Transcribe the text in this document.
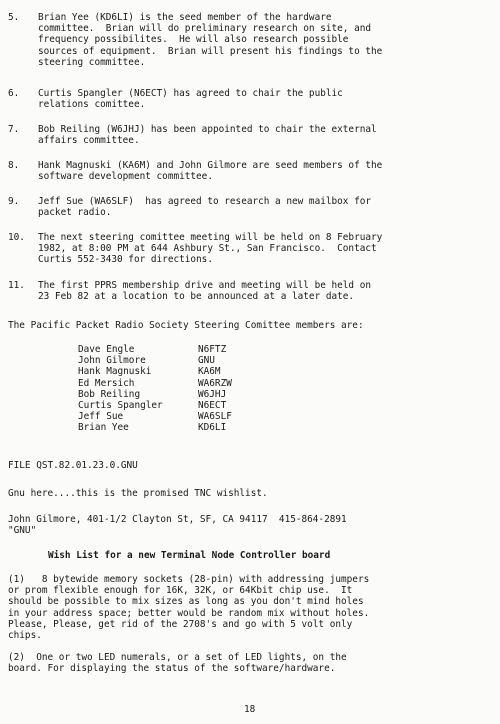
5.	Brian Yee (KD6LI) is the seed member of the hardware
committee.  Brian will do preliminary research on site, and
frequency possibilites.  He will also research possible
sources of equipment.  Brian will present his findings to the
steering committee.
6.	Curtis Spangler (N6ECT) has agreed to chair the public
relations comittee.
7.	Bob Reiling (W6JHJ) has been appointed to chair the external
affairs committee.
8.	Hank Magnuski (KA6M) and John Gilmore are seed members of the
software development committee.
9.	Jeff Sue (WA6SLF)  has agreed to research a new mailbox for
packet radio.
10.	The next steering comittee meeting will be held on 8 February
1982, at 8:00 PM at 644 Ashbury St., San Francisco.  Contact
Curtis 552-3430 for directions.
11.	The first PPRS membership drive and meeting will be held on
23 Feb 82 at a location to be announced at a later date.
The Pacific Packet Radio Society Steering Comittee members are:
Dave Engle	N6FTZ
John Gilmore	GNU
Hank Magnuski	KA6M
Ed Mersich	WA6RZW
Bob Reiling	W6JHJ
Curtis Spangler	N6ECT
Jeff Sue	WA6SLF
Brian Yee	KD6LI
FILE QST.82.01.23.0.GNU
Gnu here....this is the promised TNC wishlist.
John Gilmore, 401-1/2 Clayton St, SF, CA 94117  415-864-2891
"GNU"
Wish List for a new Terminal Node Controller board
(1)   8 bytewide memory sockets (28-pin) with addressing jumpers
or prom flexible enough for 16K, 32K, or 64Kbit chip use.  It
should be possible to mix sizes as long as you don't mind holes
in your address space; better would be random mix without holes.
Please, Please, get rid of the 2708's and go with 5 volt only
chips.
(2)  One or two LED numerals, or a set of LED lights, on the
board. For displaying the status of the software/hardware.
18
